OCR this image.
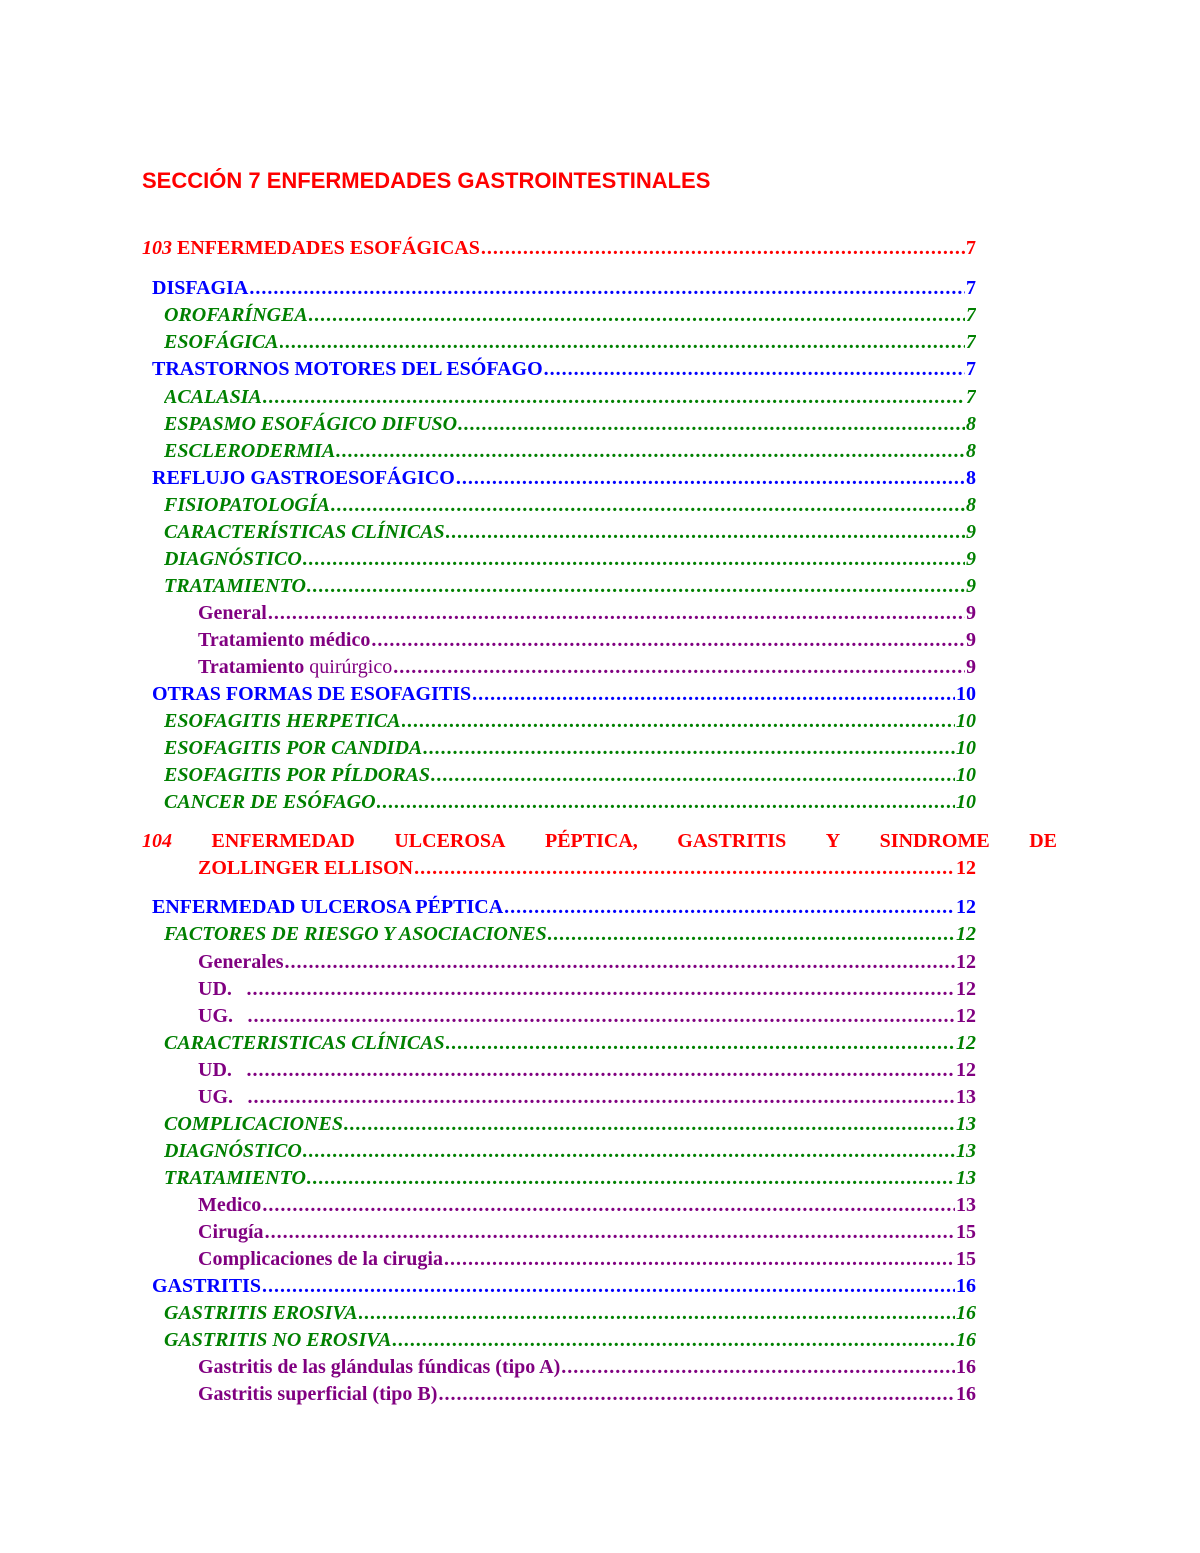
SECCIÓN 7 ENFERMEDADES GASTROINTESTINALES
103 ENFERMEDADES ESOFÁGICAS .....	7
DISFAGIA .....	7
OROFARÍNGEA .....	7
ESOFÁGICA .....	7
TRASTORNOS MOTORES DEL ESÓFAGO .....	7
ACALASIA .....	7
ESPASMO ESOFÁGICO DIFUSO .....	8
ESCLERODERMIA .....	8
REFLUJO GASTROESOFÁGICO .....	8
FISIOPATOLOGÍA .....	8
CARACTERÍSTICAS CLÍNICAS .....	9
DIAGNÓSTICO .....	9
TRATAMIENTO .....	9
General .....	9
Tratamiento médico .....	9
Tratamiento quirúrgico .....	9
OTRAS FORMAS DE ESOFAGITIS .....	10
ESOFAGITIS HERPETICA .....	10
ESOFAGITIS POR CANDIDA .....	10
ESOFAGITIS POR PÍLDORAS .....	10
CANCER DE ESÓFAGO .....	10
104 ENFERMEDAD ULCEROSA PÉPTICA, GASTRITIS Y SINDROME DE
ZOLLINGER ELLISON .....	12
ENFERMEDAD ULCEROSA PÉPTICA .....	12
FACTORES DE RIESGO Y ASOCIACIONES .....	12
Generales .....	12
UD. .....	12
UG. .....	12
CARACTERISTICAS CLÍNICAS .....	12
UD. .....	12
UG. .....	13
COMPLICACIONES .....	13
DIAGNÓSTICO .....	13
TRATAMIENTO .....	13
Medico .....	13
Cirugía .....	15
Complicaciones de la cirugia .....	15
GASTRITIS .....	16
GASTRITIS EROSIVA .....	16
GASTRITIS NO EROSIVA .....	16
Gastritis de las glándulas fúndicas (tipo A) .....	16
Gastritis superficial (tipo B) .....	16
